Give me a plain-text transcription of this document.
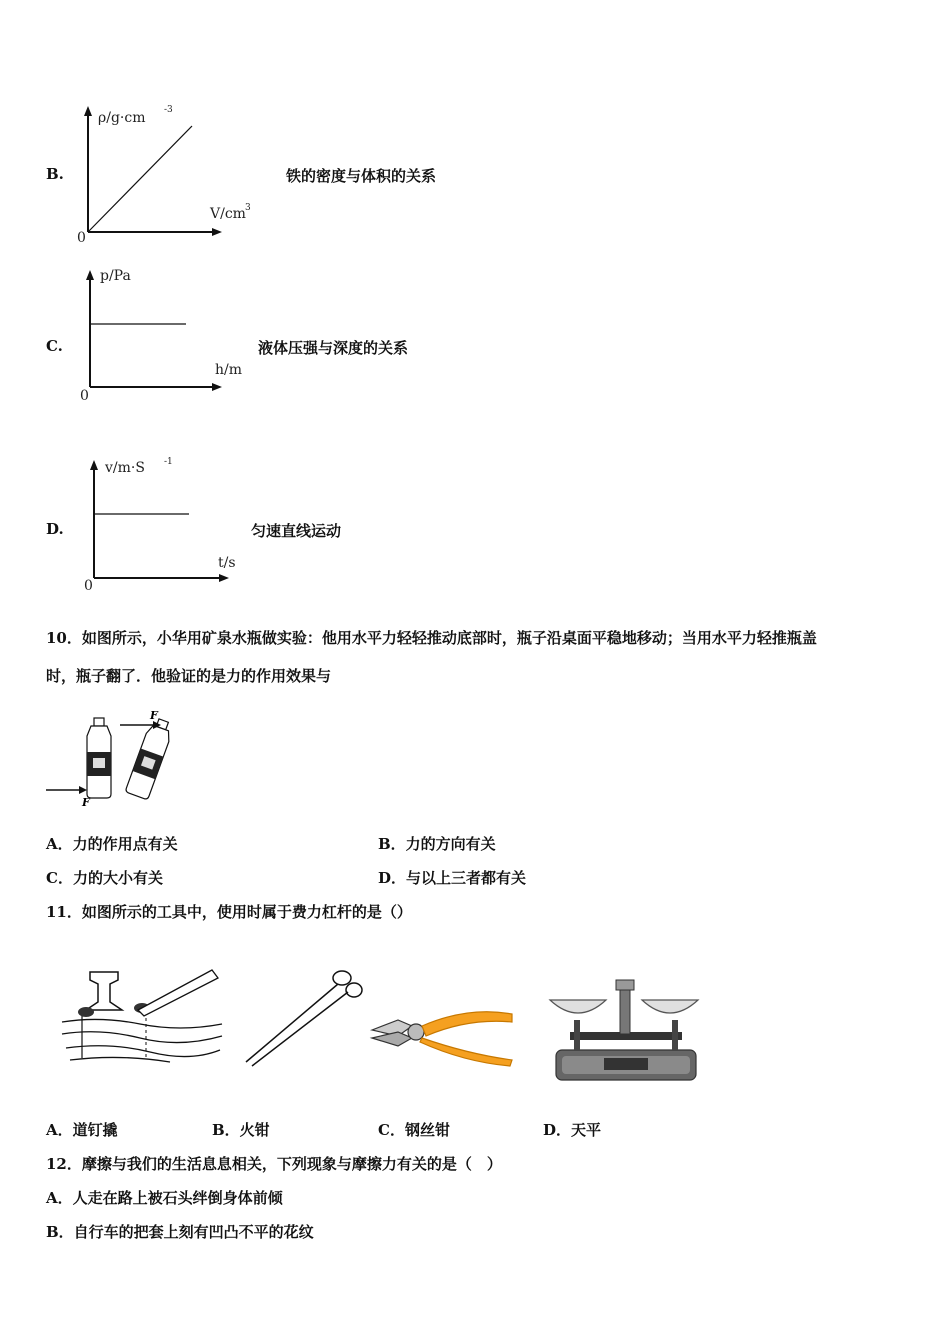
B.
ρ/g·cm -3
V/cm 3
0
铁的密度与体积的关系
C.
p/Pa
h/m
0
液体压强与深度的关系
D.
v/m·S -1
t/s
0
匀速直线运动
10．如图所示，小华用矿泉水瓶做实验：他用水平力轻轻推动底部时，瓶子沿桌面平稳地移动；当用水平力轻推瓶盖
时，瓶子翻了．他验证的是力的作用效果与
F
F
A．力的作用点有关	B．力的方向有关
C．力的大小有关	D．与以上三者都有关
11．如图所示的工具中，使用时属于费力杠杆的是（）
A．道钉撬	B．火钳	C．钢丝钳	D．天平
12．摩擦与我们的生活息息相关，下列现象与摩擦力有关的是（　）
A．人走在路上被石头绊倒身体前倾
B．自行车的把套上刻有凹凸不平的花纹
